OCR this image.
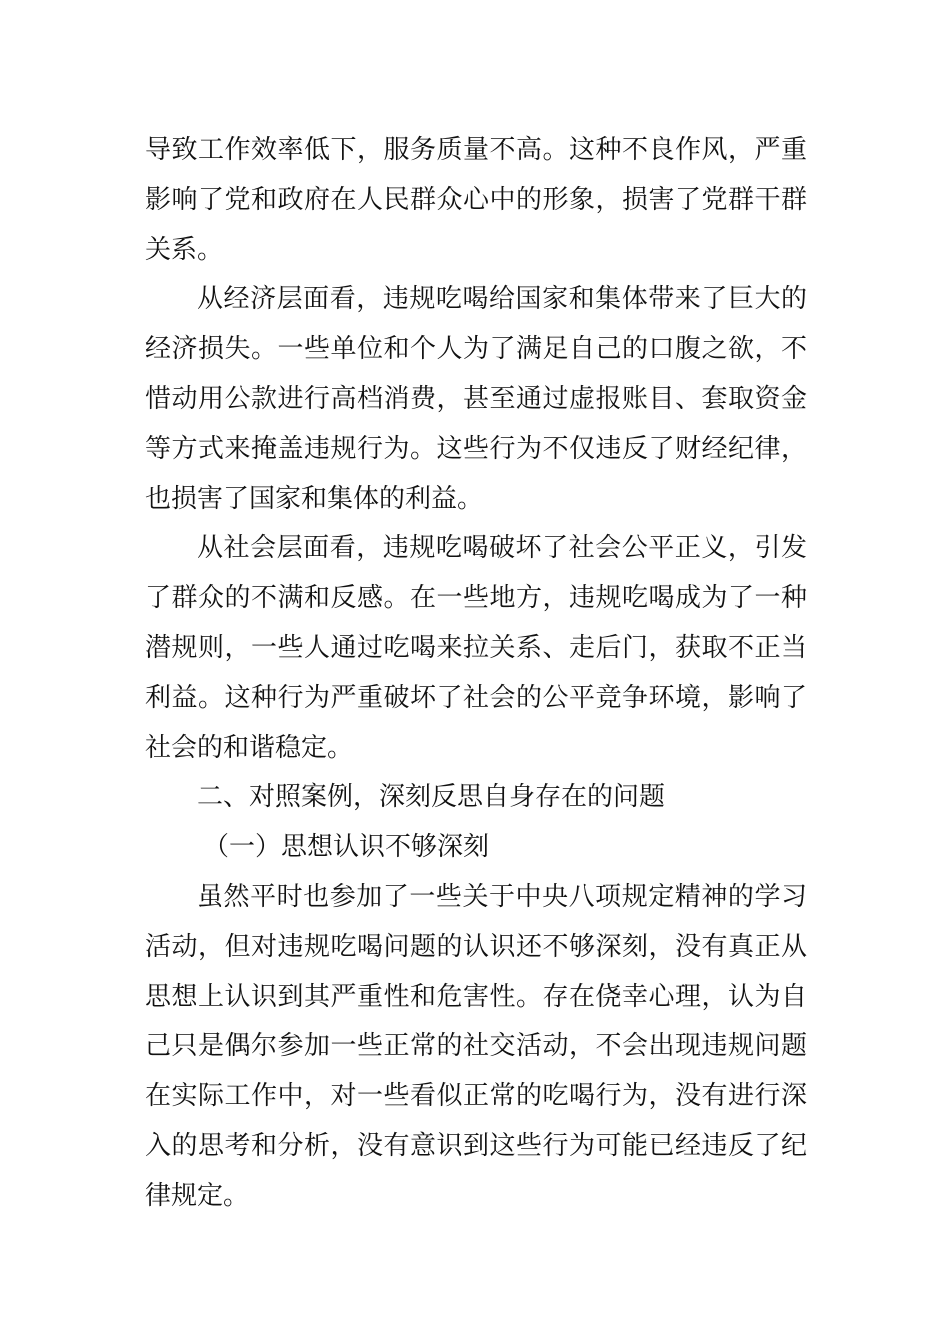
导致工作效率低下，服务质量不高。这种不良作风，严重
影响了党和政府在人民群众心中的形象，损害了党群干群
关系。
从经济层面看，违规吃喝给国家和集体带来了巨大的
经济损失。一些单位和个人为了满足自己的口腹之欲，不
惜动用公款进行高档消费，甚至通过虚报账目、套取资金
等方式来掩盖违规行为。这些行为不仅违反了财经纪律，
也损害了国家和集体的利益。
从社会层面看，违规吃喝破坏了社会公平正义，引发
了群众的不满和反感。在一些地方，违规吃喝成为了一种
潜规则，一些人通过吃喝来拉关系、走后门，获取不正当
利益。这种行为严重破坏了社会的公平竞争环境，影响了
社会的和谐稳定。
二、对照案例，深刻反思自身存在的问题
（一）思想认识不够深刻
虽然平时也参加了一些关于中央八项规定精神的学习
活动，但对违规吃喝问题的认识还不够深刻，没有真正从
思想上认识到其严重性和危害性。存在侥幸心理，认为自
己只是偶尔参加一些正常的社交活动，不会出现违规问题
在实际工作中，对一些看似正常的吃喝行为，没有进行深
入的思考和分析，没有意识到这些行为可能已经违反了纪
律规定。
